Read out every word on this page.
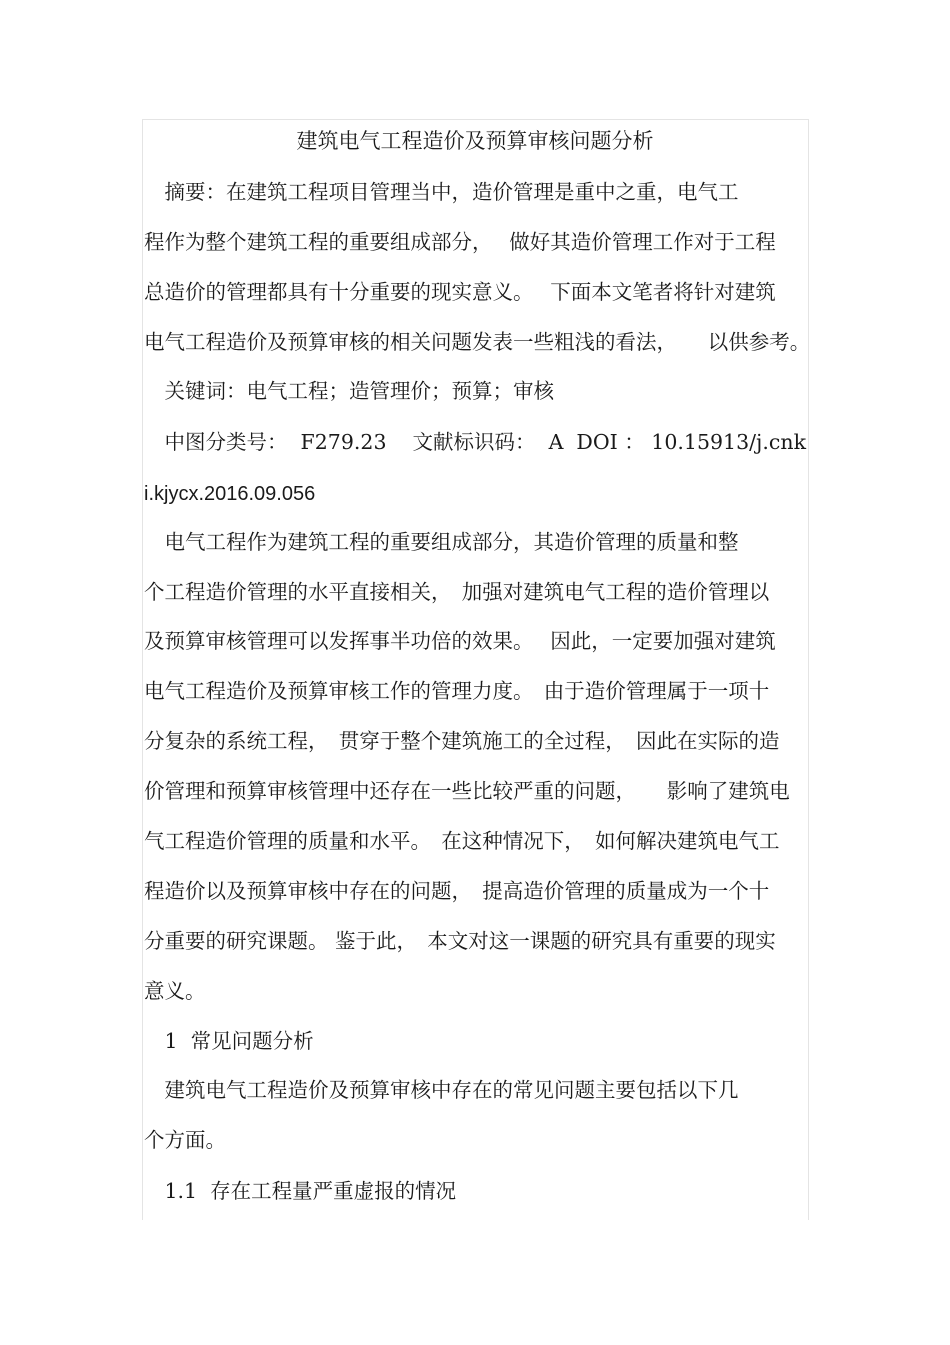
建筑电气工程造价及预算审核问题分析
　摘要：在建筑工程项目管理当中，造价管理是重中之重，电气工
程作为整个建筑工程的重要组成部分，　 做好其造价管理工作对于工程
总造价的管理都具有十分重要的现实意义。　 下面本文笔者将针对建筑
电气工程造价及预算审核的相关问题发表一些粗浅的看法，　　以供参考。
　关键词：电气工程；造管理价；预算；审核
　中图分类号：  F279.23    文献标识码：  A  DOI ： 10.15913/j.cnk
i.kjycx.2016.09.056
　电气工程作为建筑工程的重要组成部分，其造价管理的质量和整
个工程造价管理的水平直接相关，　加强对建筑电气工程的造价管理以
及预算审核管理可以发挥事半功倍的效果。　 因此，一定要加强对建筑
电气工程造价及预算审核工作的管理力度。　由于造价管理属于一项十
分复杂的系统工程，　贯穿于整个建筑施工的全过程，　因此在实际的造
价管理和预算审核管理中还存在一些比较严重的问题，　　影响了建筑电
气工程造价管理的质量和水平。　在这种情况下，　如何解决建筑电气工
程造价以及预算审核中存在的问题，　提高造价管理的质量成为一个十
分重要的研究课题。 鉴于此，　本文对这一课题的研究具有重要的现实
意义。
　1  常见问题分析
　建筑电气工程造价及预算审核中存在的常见问题主要包括以下几
个方面。
　1.1  存在工程量严重虚报的情况
